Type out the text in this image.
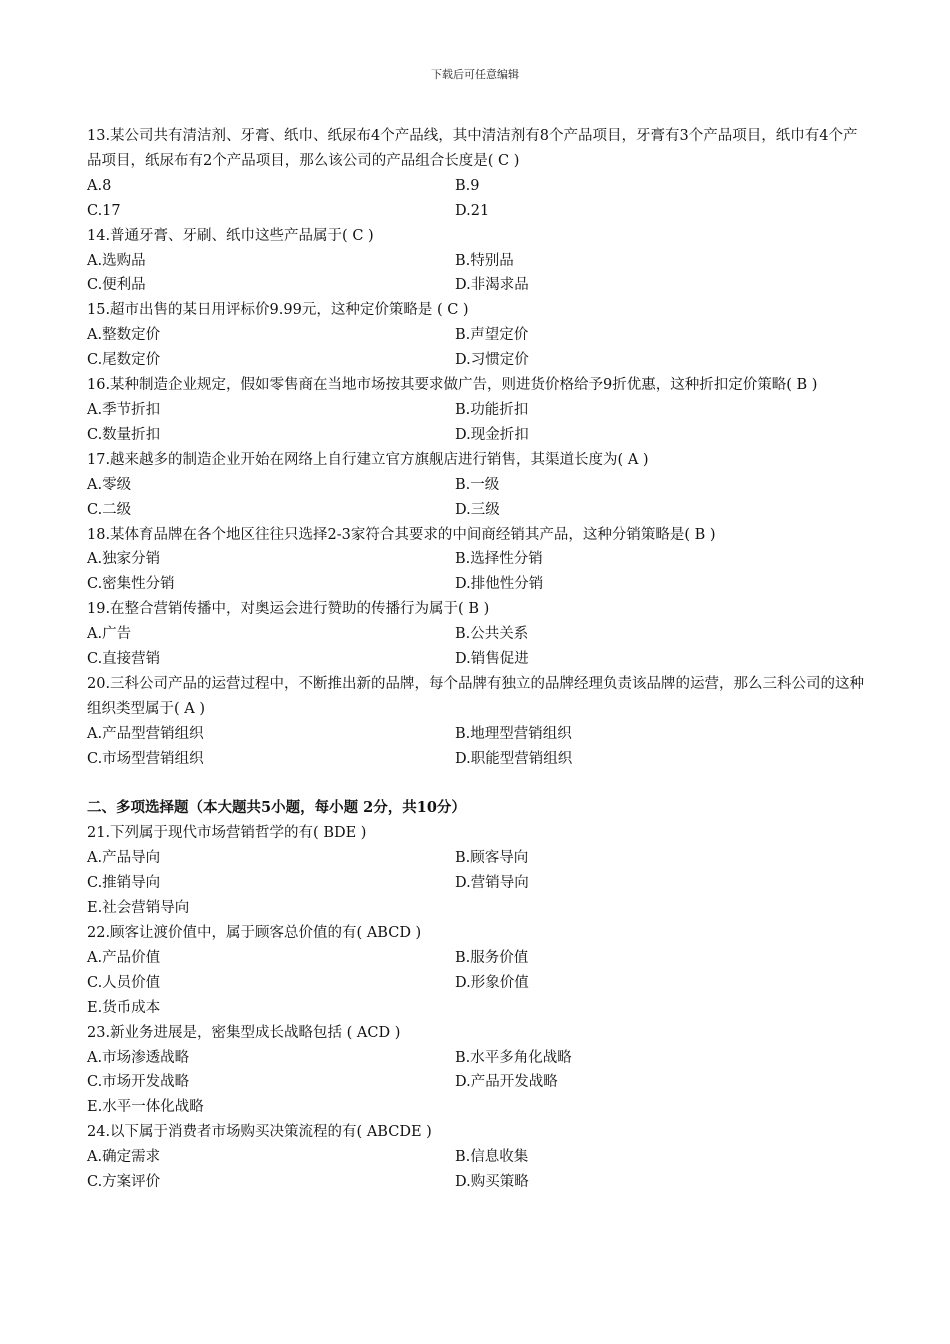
下载后可任意编辑

13.某公司共有清洁剂、牙膏、纸巾、纸尿布4个产品线，其中清洁剂有8个产品项目，牙膏有3个产品项目，纸巾有4个产品项目，纸尿布有2个产品项目，那么该公司的产品组合长度是( C )

A.8	B.9
C.17	D.21

14.普通牙膏、牙刷、纸巾这些产品属于( C )

A.选购品	B.特别品
C.便利品	D.非渴求品

15.超市出售的某日用评标价9.99元，这种定价策略是 ( C )

A.整数定价	B.声望定价
C.尾数定价	D.习惯定价

16.某种制造企业规定，假如零售商在当地市场按其要求做广告，则进货价格给予9折优惠，这种折扣定价策略( B )

A.季节折扣	B.功能折扣
C.数量折扣	D.现金折扣

17.越来越多的制造企业开始在网络上自行建立官方旗舰店进行销售，其渠道长度为( A )

A.零级	B.一级
C.二级	D.三级

18.某体育品牌在各个地区往往只选择2-3家符合其要求的中间商经销其产品，这种分销策略是( B )

A.独家分销	B.选择性分销
C.密集性分销	D.排他性分销

19.在整合营销传播中，对奥运会进行赞助的传播行为属于( B )

A.广告	B.公共关系
C.直接营销	D.销售促进

20.三科公司产品的运营过程中，不断推出新的品牌，每个品牌有独立的品牌经理负责该品牌的运营，那么三科公司的这种组织类型属于( A )

A.产品型营销组织	B.地理型营销组织
C.市场型营销组织	D.职能型营销组织
二、多项选择题（本大题共5小题，每小题 2分，共10分）

21.下列属于现代市场营销哲学的有( BDE )

A.产品导向	B.顾客导向
C.推销导向	D.营销导向
E.社会营销导向

22.顾客让渡价值中，属于顾客总价值的有( ABCD )

A.产品价值	B.服务价值
C.人员价值	D.形象价值
E.货币成本

23.新业务进展是，密集型成长战略包括 ( ACD )

A.市场渗透战略	B.水平多角化战略
C.市场开发战略	D.产品开发战略
E.水平一体化战略

24.以下属于消费者市场购买决策流程的有( ABCDE )

A.确定需求	B.信息收集
C.方案评价	D.购买策略
